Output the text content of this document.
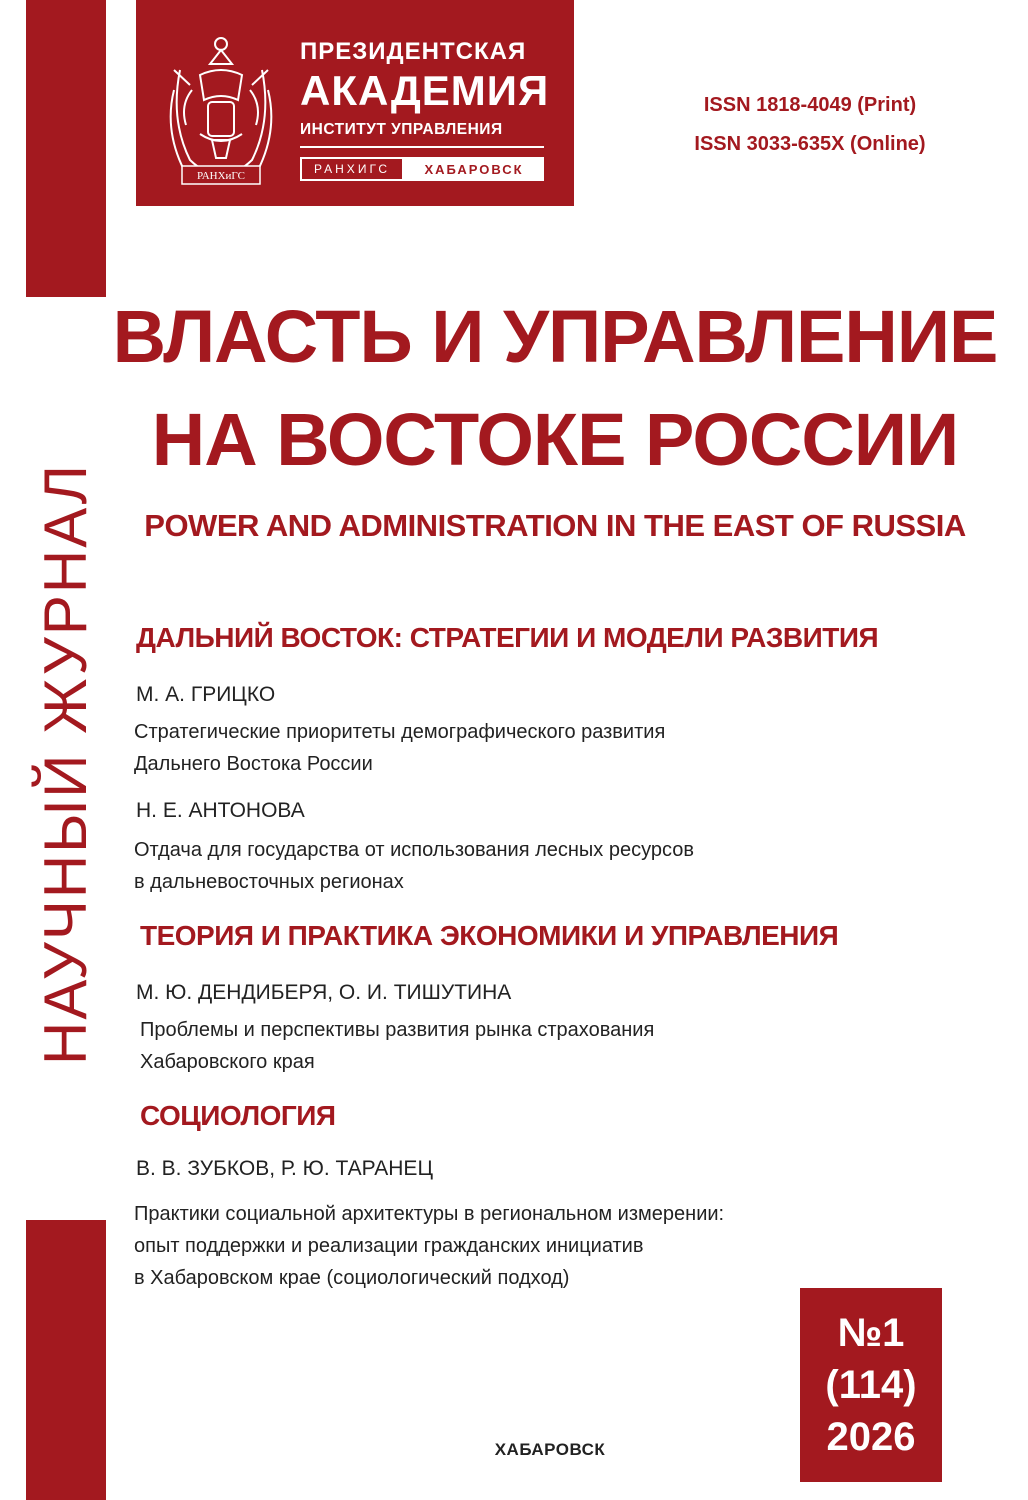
НАУЧНЫЙ ЖУРНАЛ
РАНХиГС
ПРЕЗИДЕНТСКАЯ
АКАДЕМИЯ
ИНСТИТУТ УПРАВЛЕНИЯ
РАНХИГС	ХАБАРОВСК
ISSN 1818-4049 (Print)
ISSN 3033-635X (Online)
ВЛАСТЬ И УПРАВЛЕНИЕ
НА ВОСТОКЕ РОССИИ
POWER AND ADMINISTRATION IN THE EAST OF RUSSIA
ДАЛЬНИЙ ВОСТОК: СТРАТЕГИИ И МОДЕЛИ РАЗВИТИЯ
М. А. ГРИЦКО
Стратегические приоритеты демографического развития
Дальнего Востока России
Н. Е. АНТОНОВА
Отдача для государства от использования лесных ресурсов
в дальневосточных регионах
ТЕОРИЯ И ПРАКТИКА ЭКОНОМИКИ И УПРАВЛЕНИЯ
М. Ю. ДЕНДИБЕРЯ, О. И. ТИШУТИНА
Проблемы и перспективы развития рынка страхования
Хабаровского края
СОЦИОЛОГИЯ
В. В. ЗУБКОВ, Р. Ю. ТАРАНЕЦ
Практики социальной архитектуры в региональном измерении:
опыт поддержки и реализации гражданских инициатив
в Хабаровском крае (социологический подход)
№1
(114)
2026
ХАБАРОВСК
